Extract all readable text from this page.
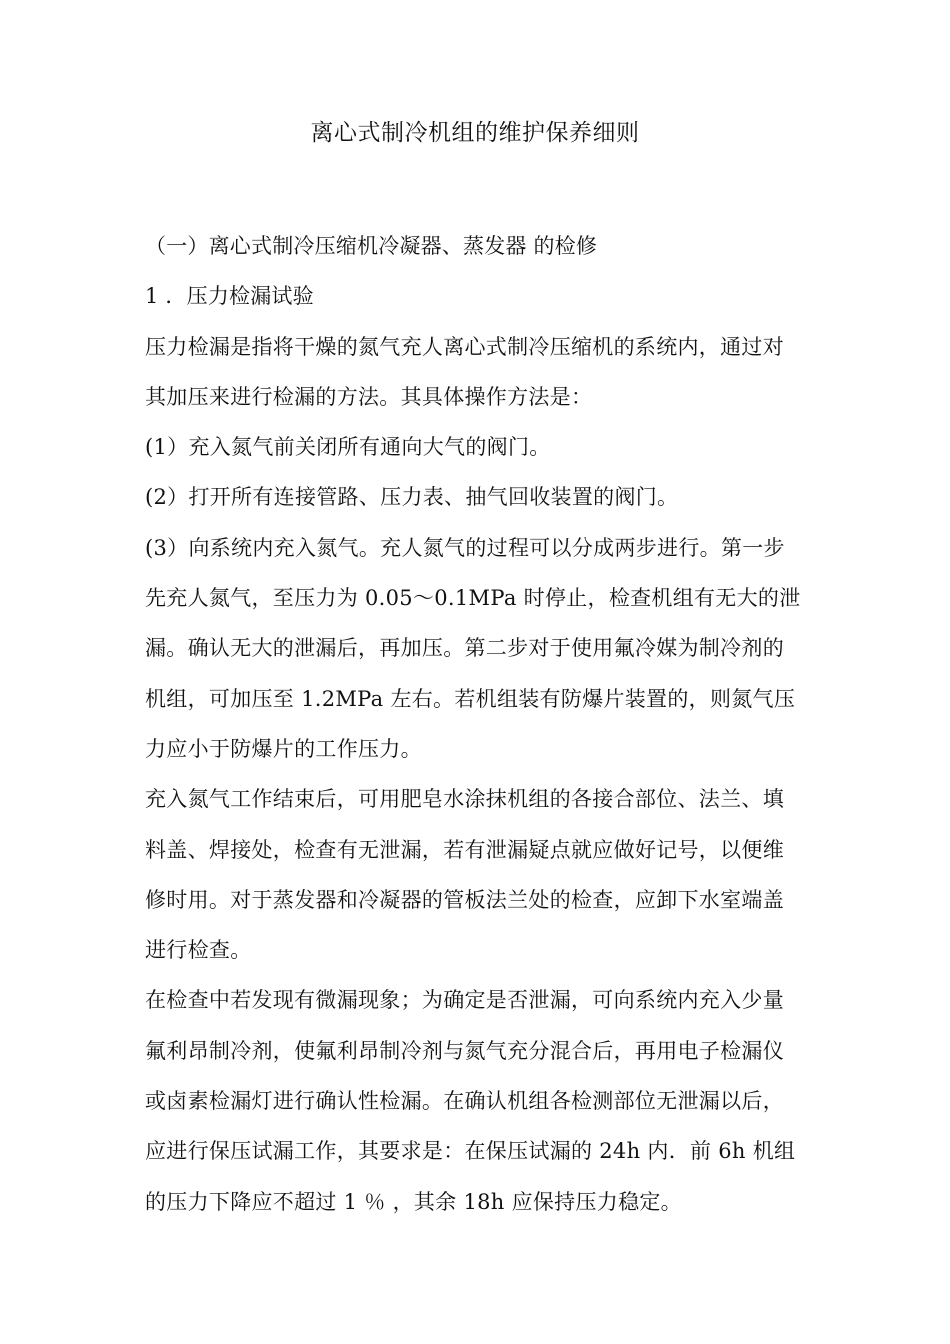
离心式制冷机组的维护保养细则
（一）离心式制冷压缩机冷凝器、蒸发器 的检修
1 ．压力检漏试验
压力检漏是指将干燥的氮气充人离心式制冷压缩机的系统内，通过对
其加压来进行检漏的方法。其具体操作方法是：
(1）充入氮气前关闭所有通向大气的阀门。
(2）打开所有连接管路、压力表、抽气回收装置的阀门。
(3）向系统内充入氮气。充人氮气的过程可以分成两步进行。第一步
先充人氮气，至压力为 0.05～0.1MPa 时停止，检查机组有无大的泄
漏。确认无大的泄漏后，再加压。第二步对于使用氟冷媒为制冷剂的
机组，可加压至 1.2MPa 左右。若机组装有防爆片装置的，则氮气压
力应小于防爆片的工作压力。
充入氮气工作结束后，可用肥皂水涂抹机组的各接合部位、法兰、填
料盖、焊接处，检查有无泄漏，若有泄漏疑点就应做好记号，以便维
修时用。对于蒸发器和冷凝器的管板法兰处的检查，应卸下水室端盖
进行检查。
在检查中若发现有微漏现象；为确定是否泄漏，可向系统内充入少量
氟利昂制冷剂，使氟利昂制冷剂与氮气充分混合后，再用电子检漏仪
或卤素检漏灯进行确认性检漏。在确认机组各检测部位无泄漏以后，
应进行保压试漏工作，其要求是：在保压试漏的 24h 内．前 6h 机组
的压力下降应不超过 1 ％ ，其余 18h 应保持压力稳定。
